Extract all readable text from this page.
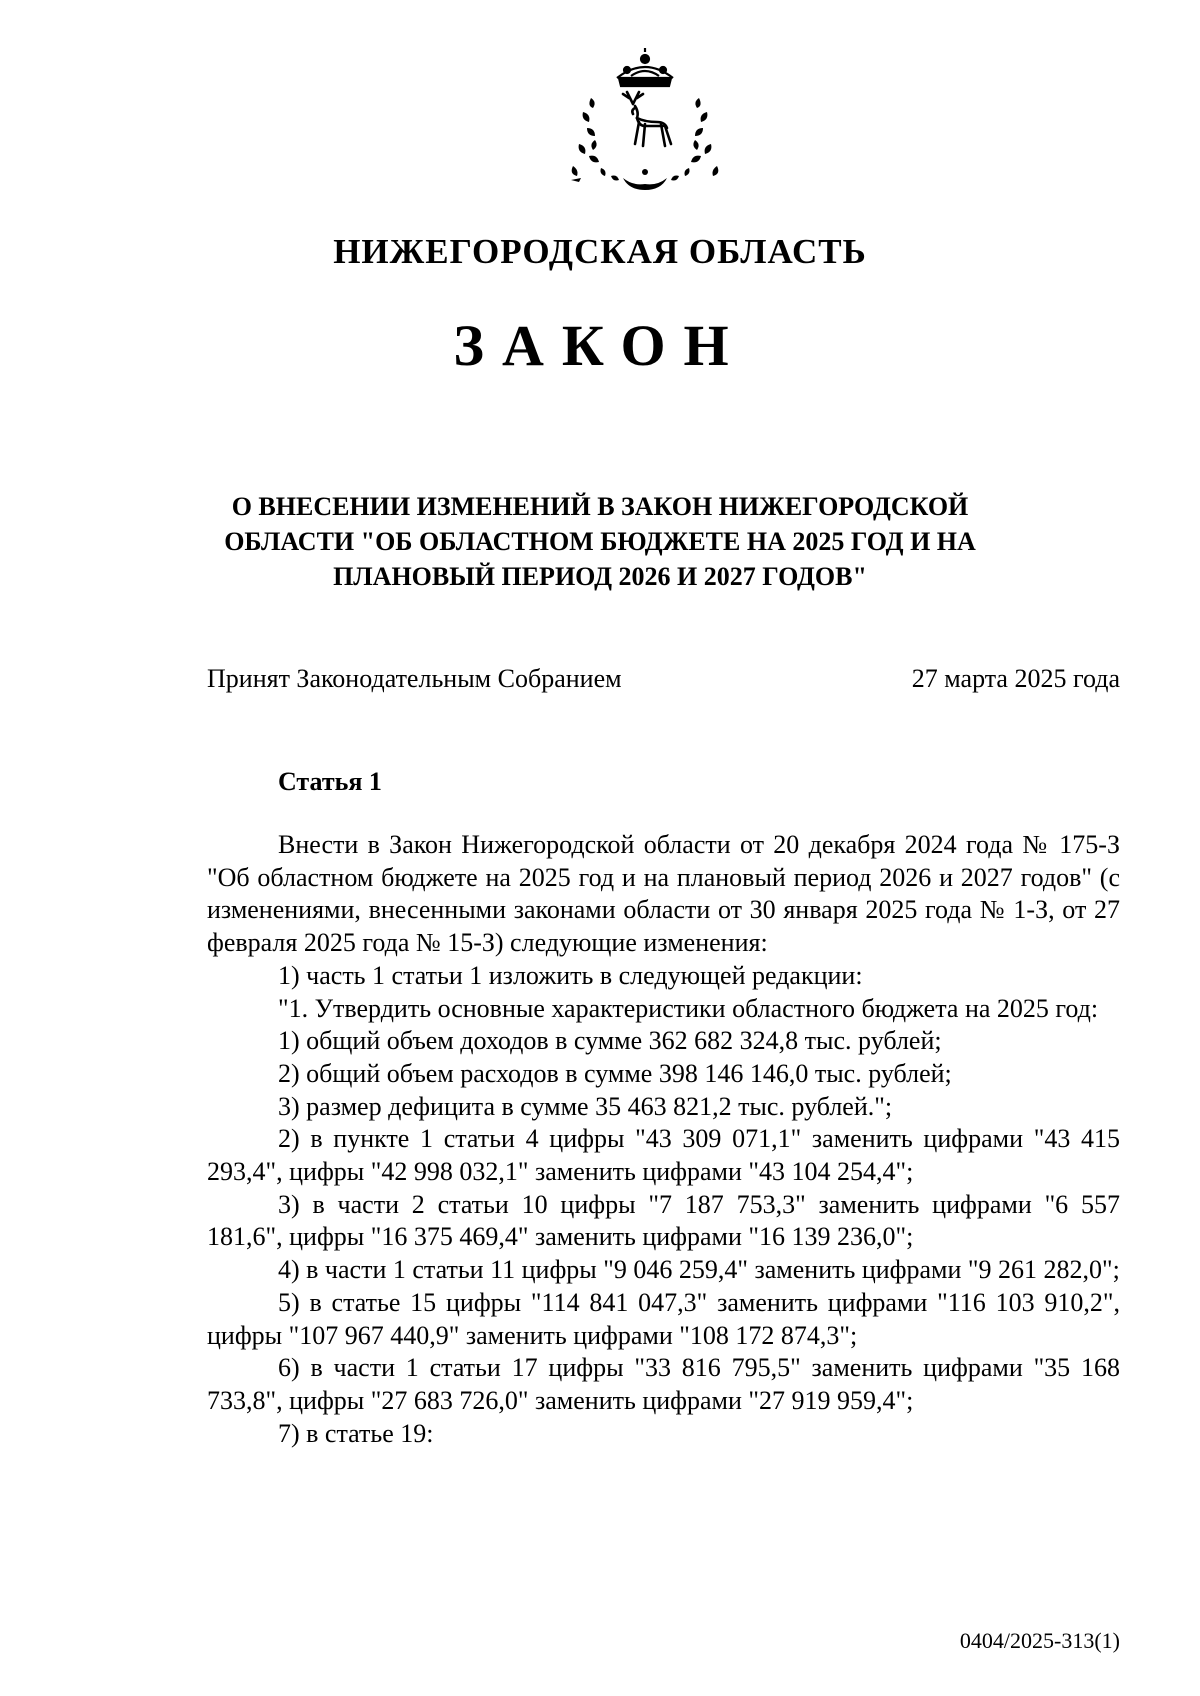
НИЖЕГОРОДСКАЯ ОБЛАСТЬ
ЗАКОН
О ВНЕСЕНИИ ИЗМЕНЕНИЙ В ЗАКОН НИЖЕГОРОДСКОЙ
ОБЛАСТИ "ОБ ОБЛАСТНОМ БЮДЖЕТЕ НА 2025 ГОД И НА
ПЛАНОВЫЙ ПЕРИОД 2026 И 2027 ГОДОВ"

Принят Законодательным Собранием	27 марта 2025 года

Статья 1

Внести в Закон Нижегородской области от 20 декабря 2024 года № 175-З "Об областном бюджете на 2025 год и на плановый период 2026 и 2027 годов" (с изменениями, внесенными законами области от 30 января 2025 года № 1-З, от 27 февраля 2025 года № 15-З) следующие изменения:

1) часть 1 статьи 1 изложить в следующей редакции:

"1. Утвердить основные характеристики областного бюджета на 2025 год:

1) общий объем доходов в сумме 362 682 324,8 тыс. рублей;

2) общий объем расходов в сумме 398 146 146,0 тыс. рублей;

3) размер дефицита в сумме 35 463 821,2 тыс. рублей.";

2) в пункте 1 статьи 4 цифры "43 309 071,1" заменить цифрами "43 415 293,4", цифры "42 998 032,1" заменить цифрами "43 104 254,4";

3) в части 2 статьи 10 цифры "7 187 753,3" заменить цифрами "6 557 181,6", цифры "16 375 469,4" заменить цифрами "16 139 236,0";

4) в части 1 статьи 11 цифры "9 046 259,4" заменить цифрами "9 261 282,0";

5) в статье 15 цифры "114 841 047,3" заменить цифрами "116 103 910,2", цифры "107 967 440,9" заменить цифрами "108 172 874,3";

6) в части 1 статьи 17 цифры "33 816 795,5" заменить цифрами "35 168 733,8", цифры "27 683 726,0" заменить цифрами "27 919 959,4";

7) в статье 19:

0404/2025-313(1)
